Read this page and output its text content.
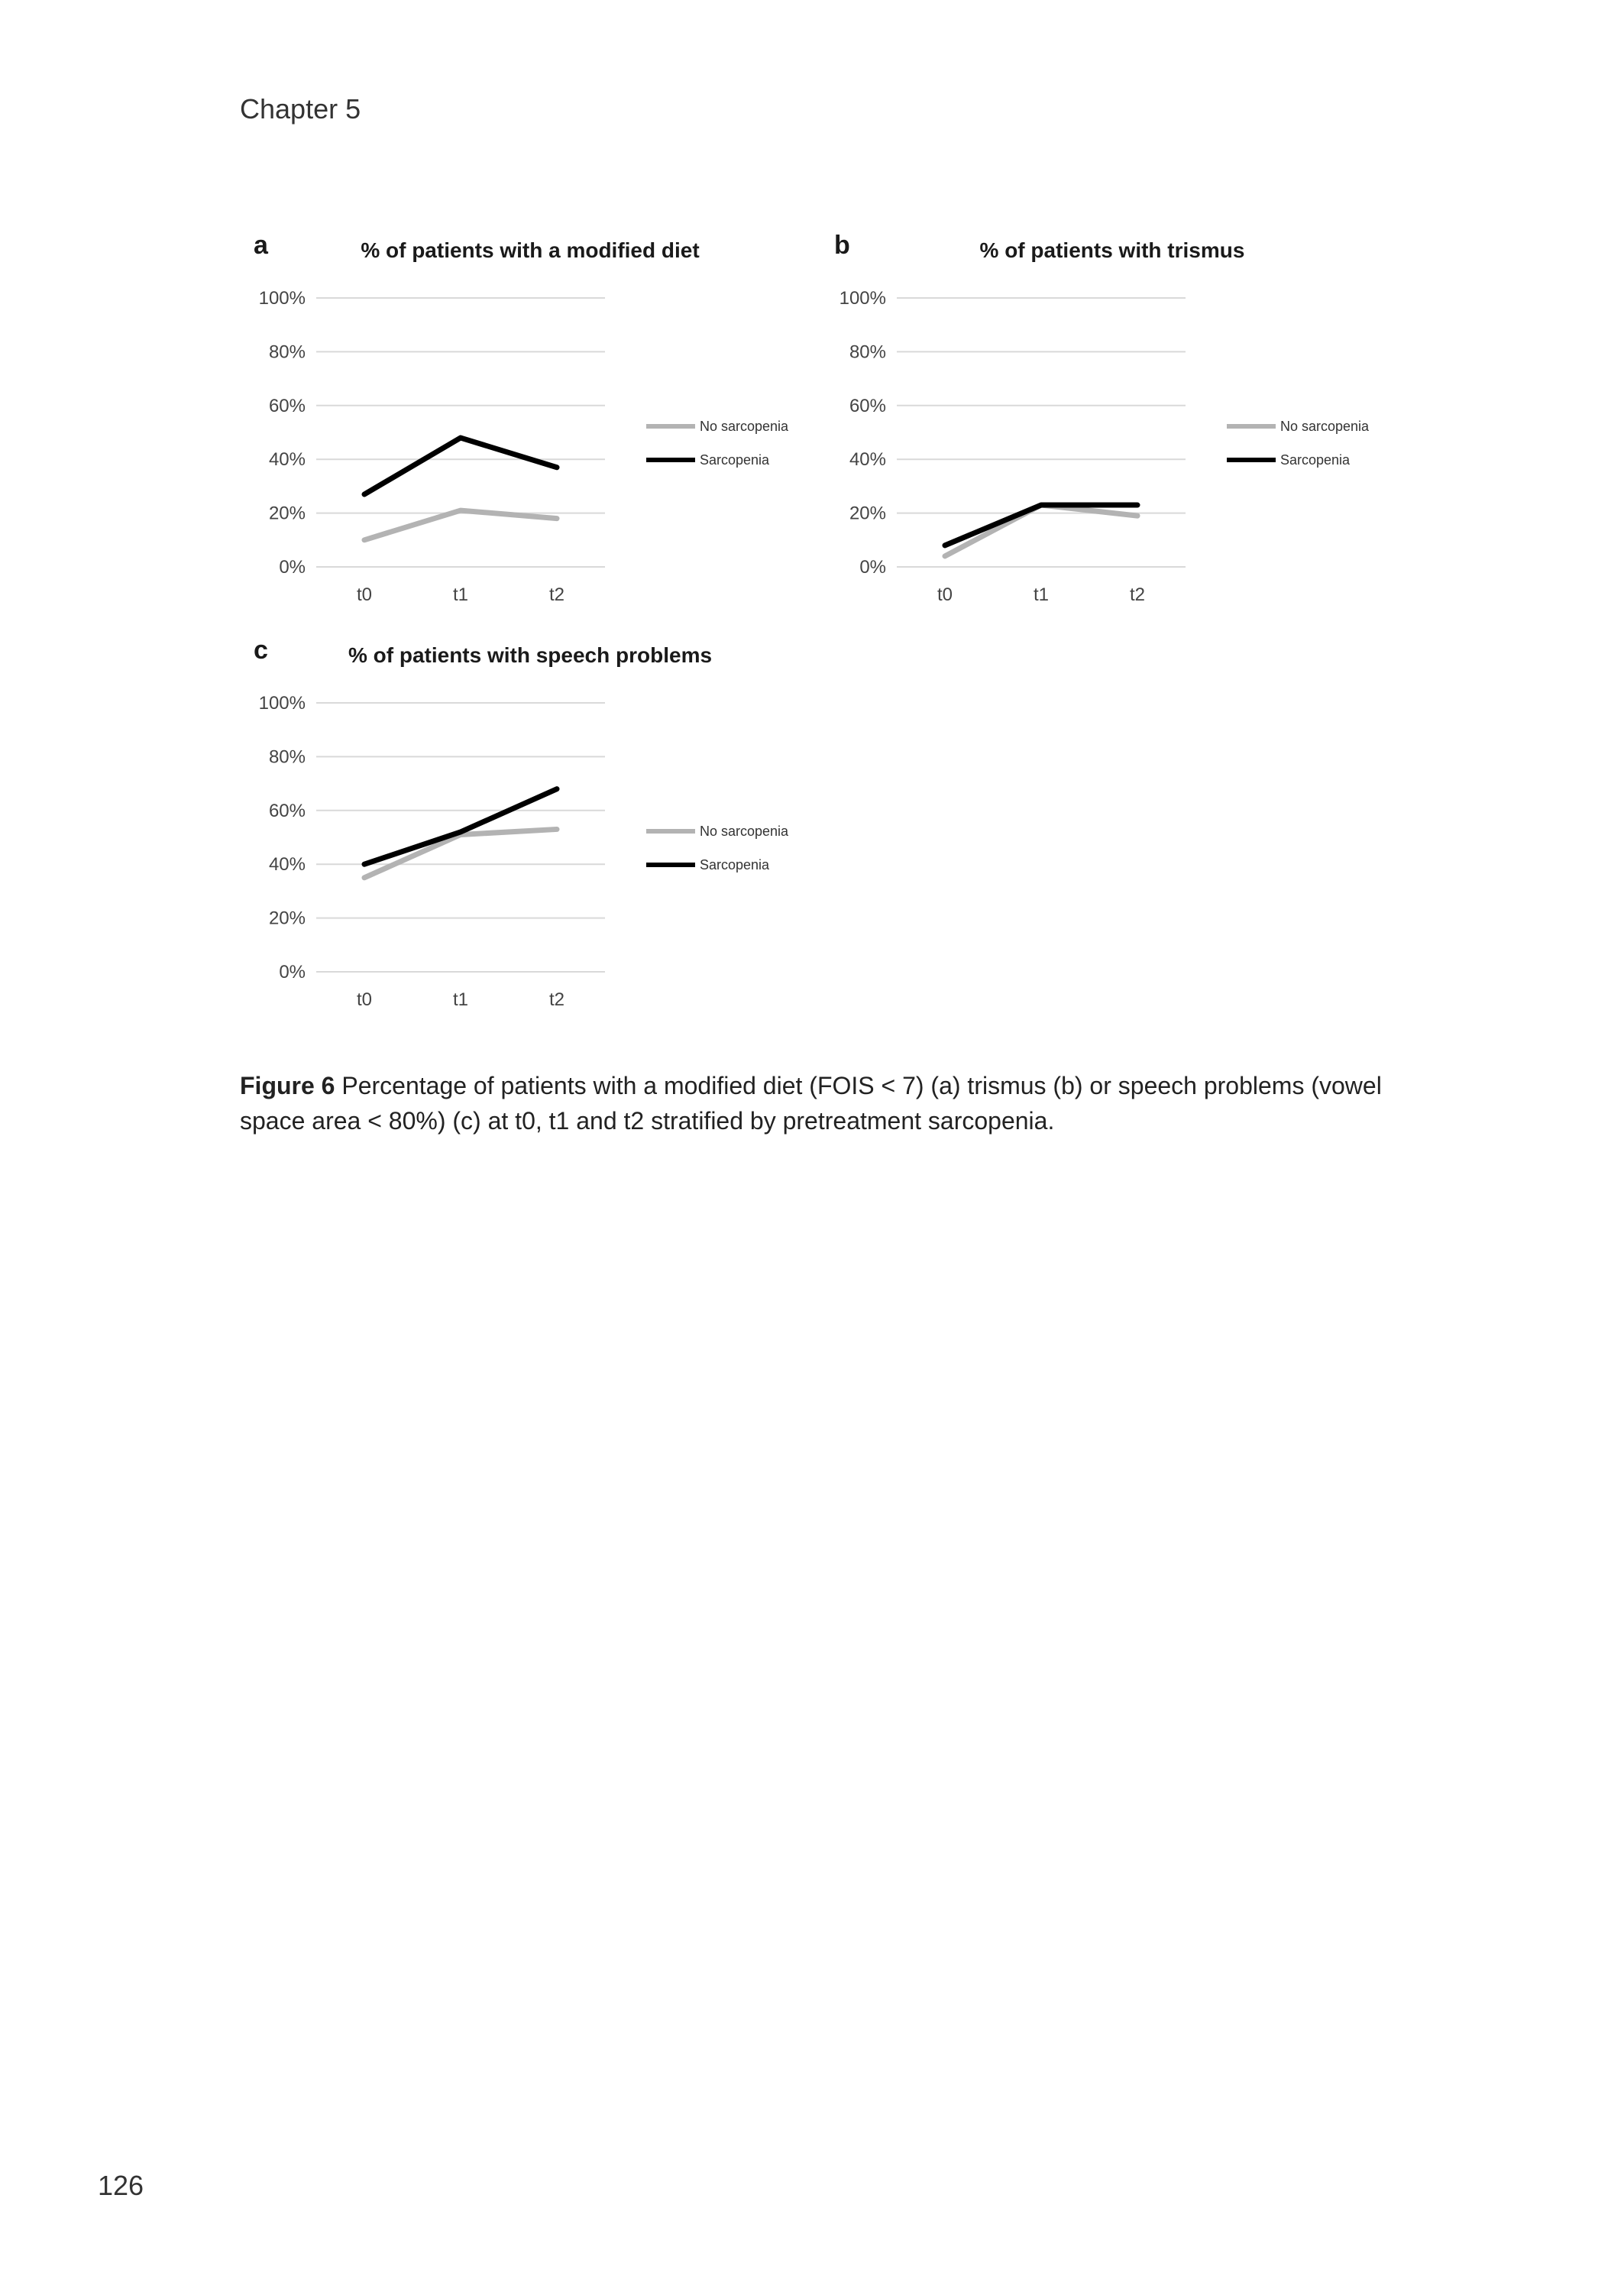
Chapter 5
a	% of patients with a modified diet
0%
20%
40%
60%
80%
100%
t0	t1	t2
No sarcopenia
Sarcopenia
b	% of patients with trismus
0%
20%
40%
60%
80%
100%
t0	t1	t2
No sarcopenia
Sarcopenia
c	% of patients with speech problems
0%
20%
40%
60%
80%
100%
t0	t1	t2
No sarcopenia
Sarcopenia
Figure 6 Percentage of patients with a modified diet (FOIS < 7) (a) trismus (b) or speech problems (vowel space area < 80%) (c) at t0, t1 and t2 stratified by pretreatment sarcopenia.
126
